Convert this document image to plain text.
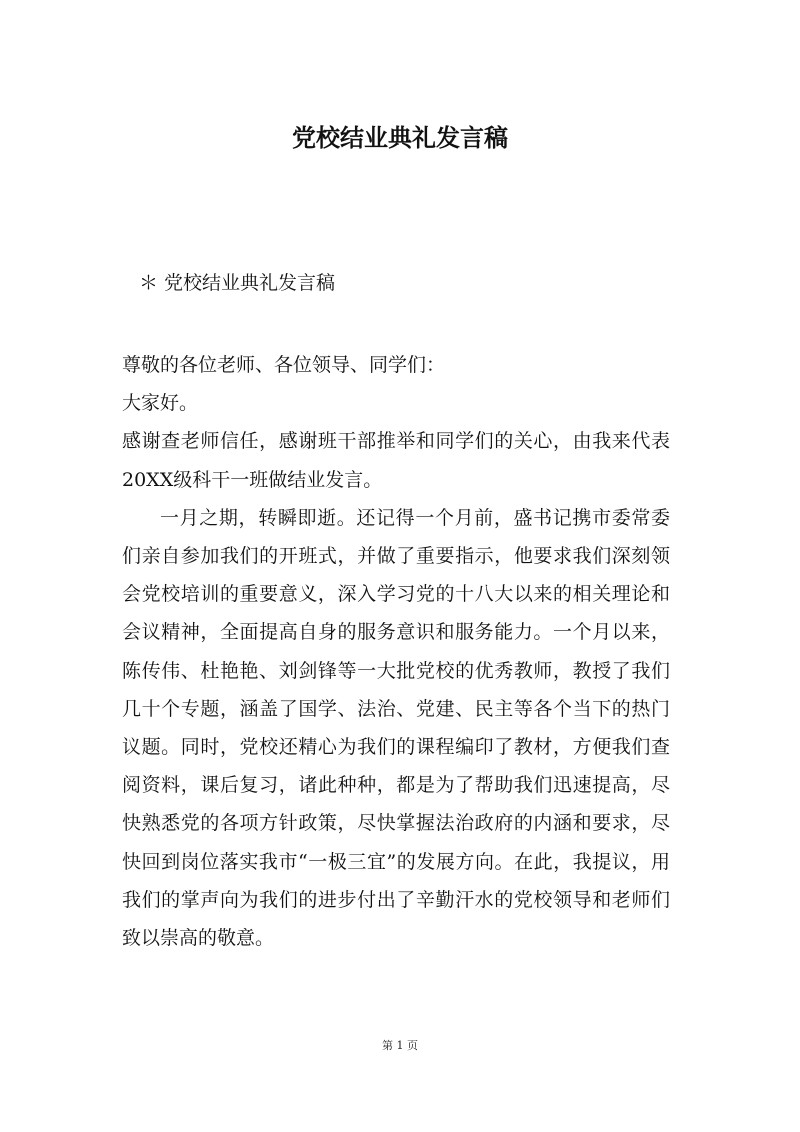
党校结业典礼发言稿

＊ 党校结业典礼发言稿

尊敬的各位老师、各位领导、同学们：

大家好。

感谢查老师信任，感谢班干部推举和同学们的关心，由我来代表20XX级科干一班做结业发言。

一月之期，转瞬即逝。还记得一个月前，盛书记携市委常委们亲自参加我们的开班式，并做了重要指示，他要求我们深刻领会党校培训的重要意义，深入学习党的十八大以来的相关理论和会议精神，全面提高自身的服务意识和服务能力。一个月以来，陈传伟、杜艳艳、刘剑锋等一大批党校的优秀教师，教授了我们几十个专题，涵盖了国学、法治、党建、民主等各个当下的热门议题。同时，党校还精心为我们的课程编印了教材，方便我们查阅资料，课后复习，诸此种种，都是为了帮助我们迅速提高，尽快熟悉党的各项方针政策，尽快掌握法治政府的内涵和要求，尽快回到岗位落实我市“一极三宜”的发展方向。在此，我提议，用我们的掌声向为我们的进步付出了辛勤汗水的党校领导和老师们致以崇高的敬意。

第 1 页
